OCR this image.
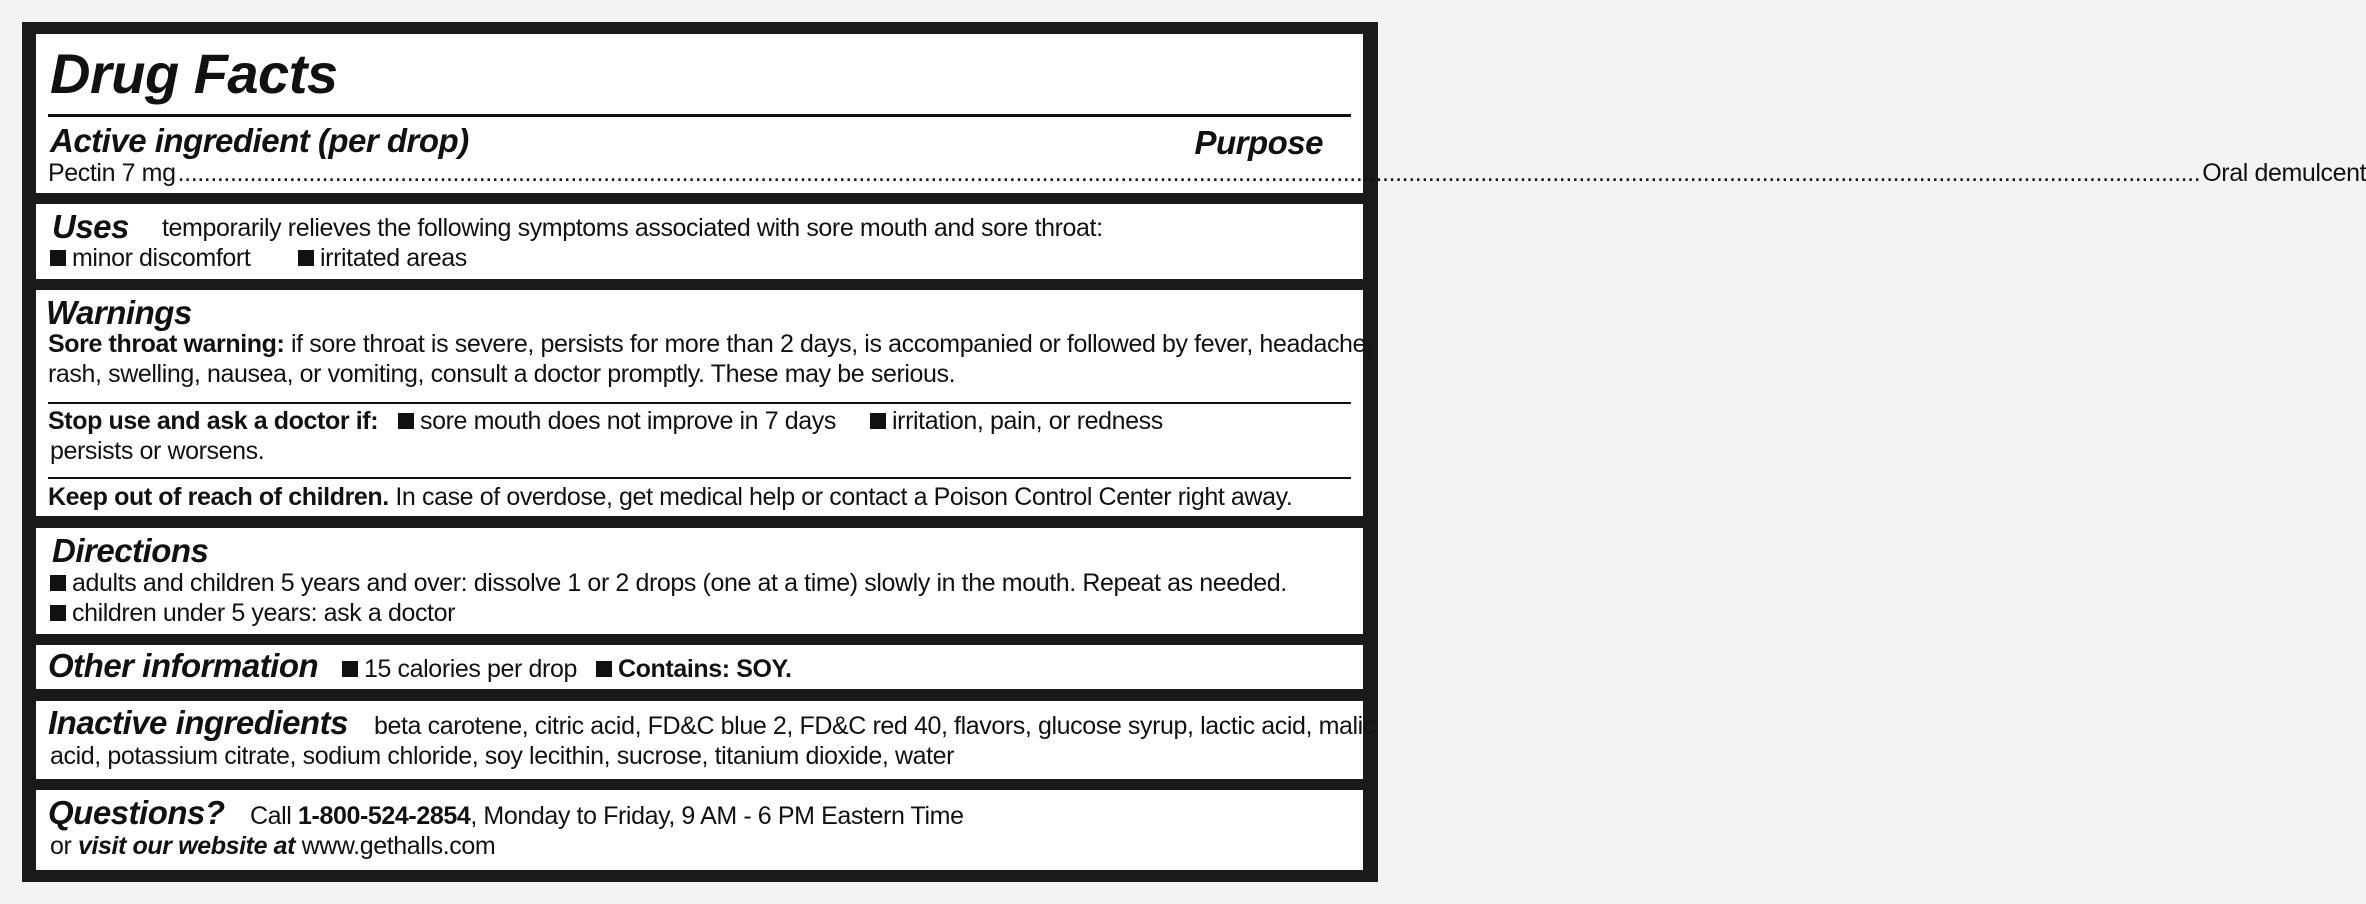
Drug Facts
Active ingredient (per drop)	Purpose
Pectin 7 mg ..................................................................................................................................................................................................................................................................................................................... Oral demulcent
Uses temporarily relieves the following symptoms associated with sore mouth and sore throat:
minor discomfort	irritated areas
Warnings
Sore throat warning: if sore throat is severe, persists for more than 2 days, is accompanied or followed by fever, headache,
rash, swelling, nausea, or vomiting, consult a doctor promptly. These may be serious.
Stop use and ask a doctor if:	sore mouth does not improve in 7 days	irritation, pain, or redness
persists or worsens.
Keep out of reach of children. In case of overdose, get medical help or contact a Poison Control Center right away.
Directions
adults and children 5 years and over: dissolve 1 or 2 drops (one at a time) slowly in the mouth. Repeat as needed.
children under 5 years: ask a doctor
Other information	15 calories per drop	Contains: SOY.
Inactive ingredients beta carotene, citric acid, FD&C blue 2, FD&C red 40, flavors, glucose syrup, lactic acid, malic
acid, potassium citrate, sodium chloride, soy lecithin, sucrose, titanium dioxide, water
Questions? Call 1-800-524-2854, Monday to Friday, 9 AM - 6 PM Eastern Time
or visit our website at www.gethalls.com
